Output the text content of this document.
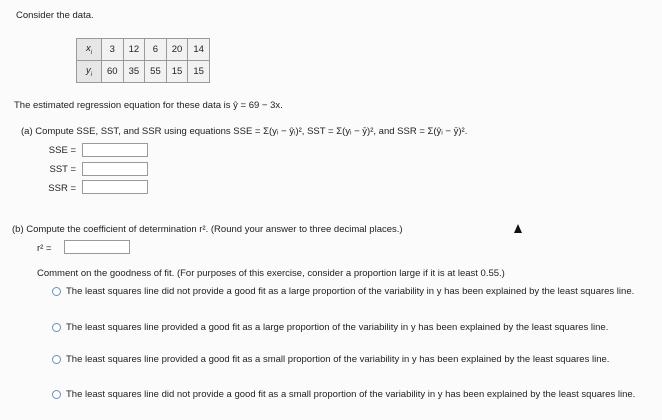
Consider the data.
$x_i$	3	12	6	20	14
$y_i$	60	35	55	15	15
The estimated regression equation for these data is ŷ = 69 − 3x.
(a) Compute SSE, SST, and SSR using equations SSE = Σ(yᵢ − ŷᵢ)², SST = Σ(yᵢ − ȳ)², and SSR = Σ(ŷᵢ − ȳ)².
SSE =
SST =
SSR =
(b) Compute the coefficient of determination r². (Round your answer to three decimal places.)
r² =
Comment on the goodness of fit. (For purposes of this exercise, consider a proportion large if it is at least 0.55.)
The least squares line did not provide a good fit as a large proportion of the variability in y has been explained by the least squares line.
The least squares line provided a good fit as a large proportion of the variability in y has been explained by the least squares line.
The least squares line provided a good fit as a small proportion of the variability in y has been explained by the least squares line.
The least squares line did not provide a good fit as a small proportion of the variability in y has been explained by the least squares line.
